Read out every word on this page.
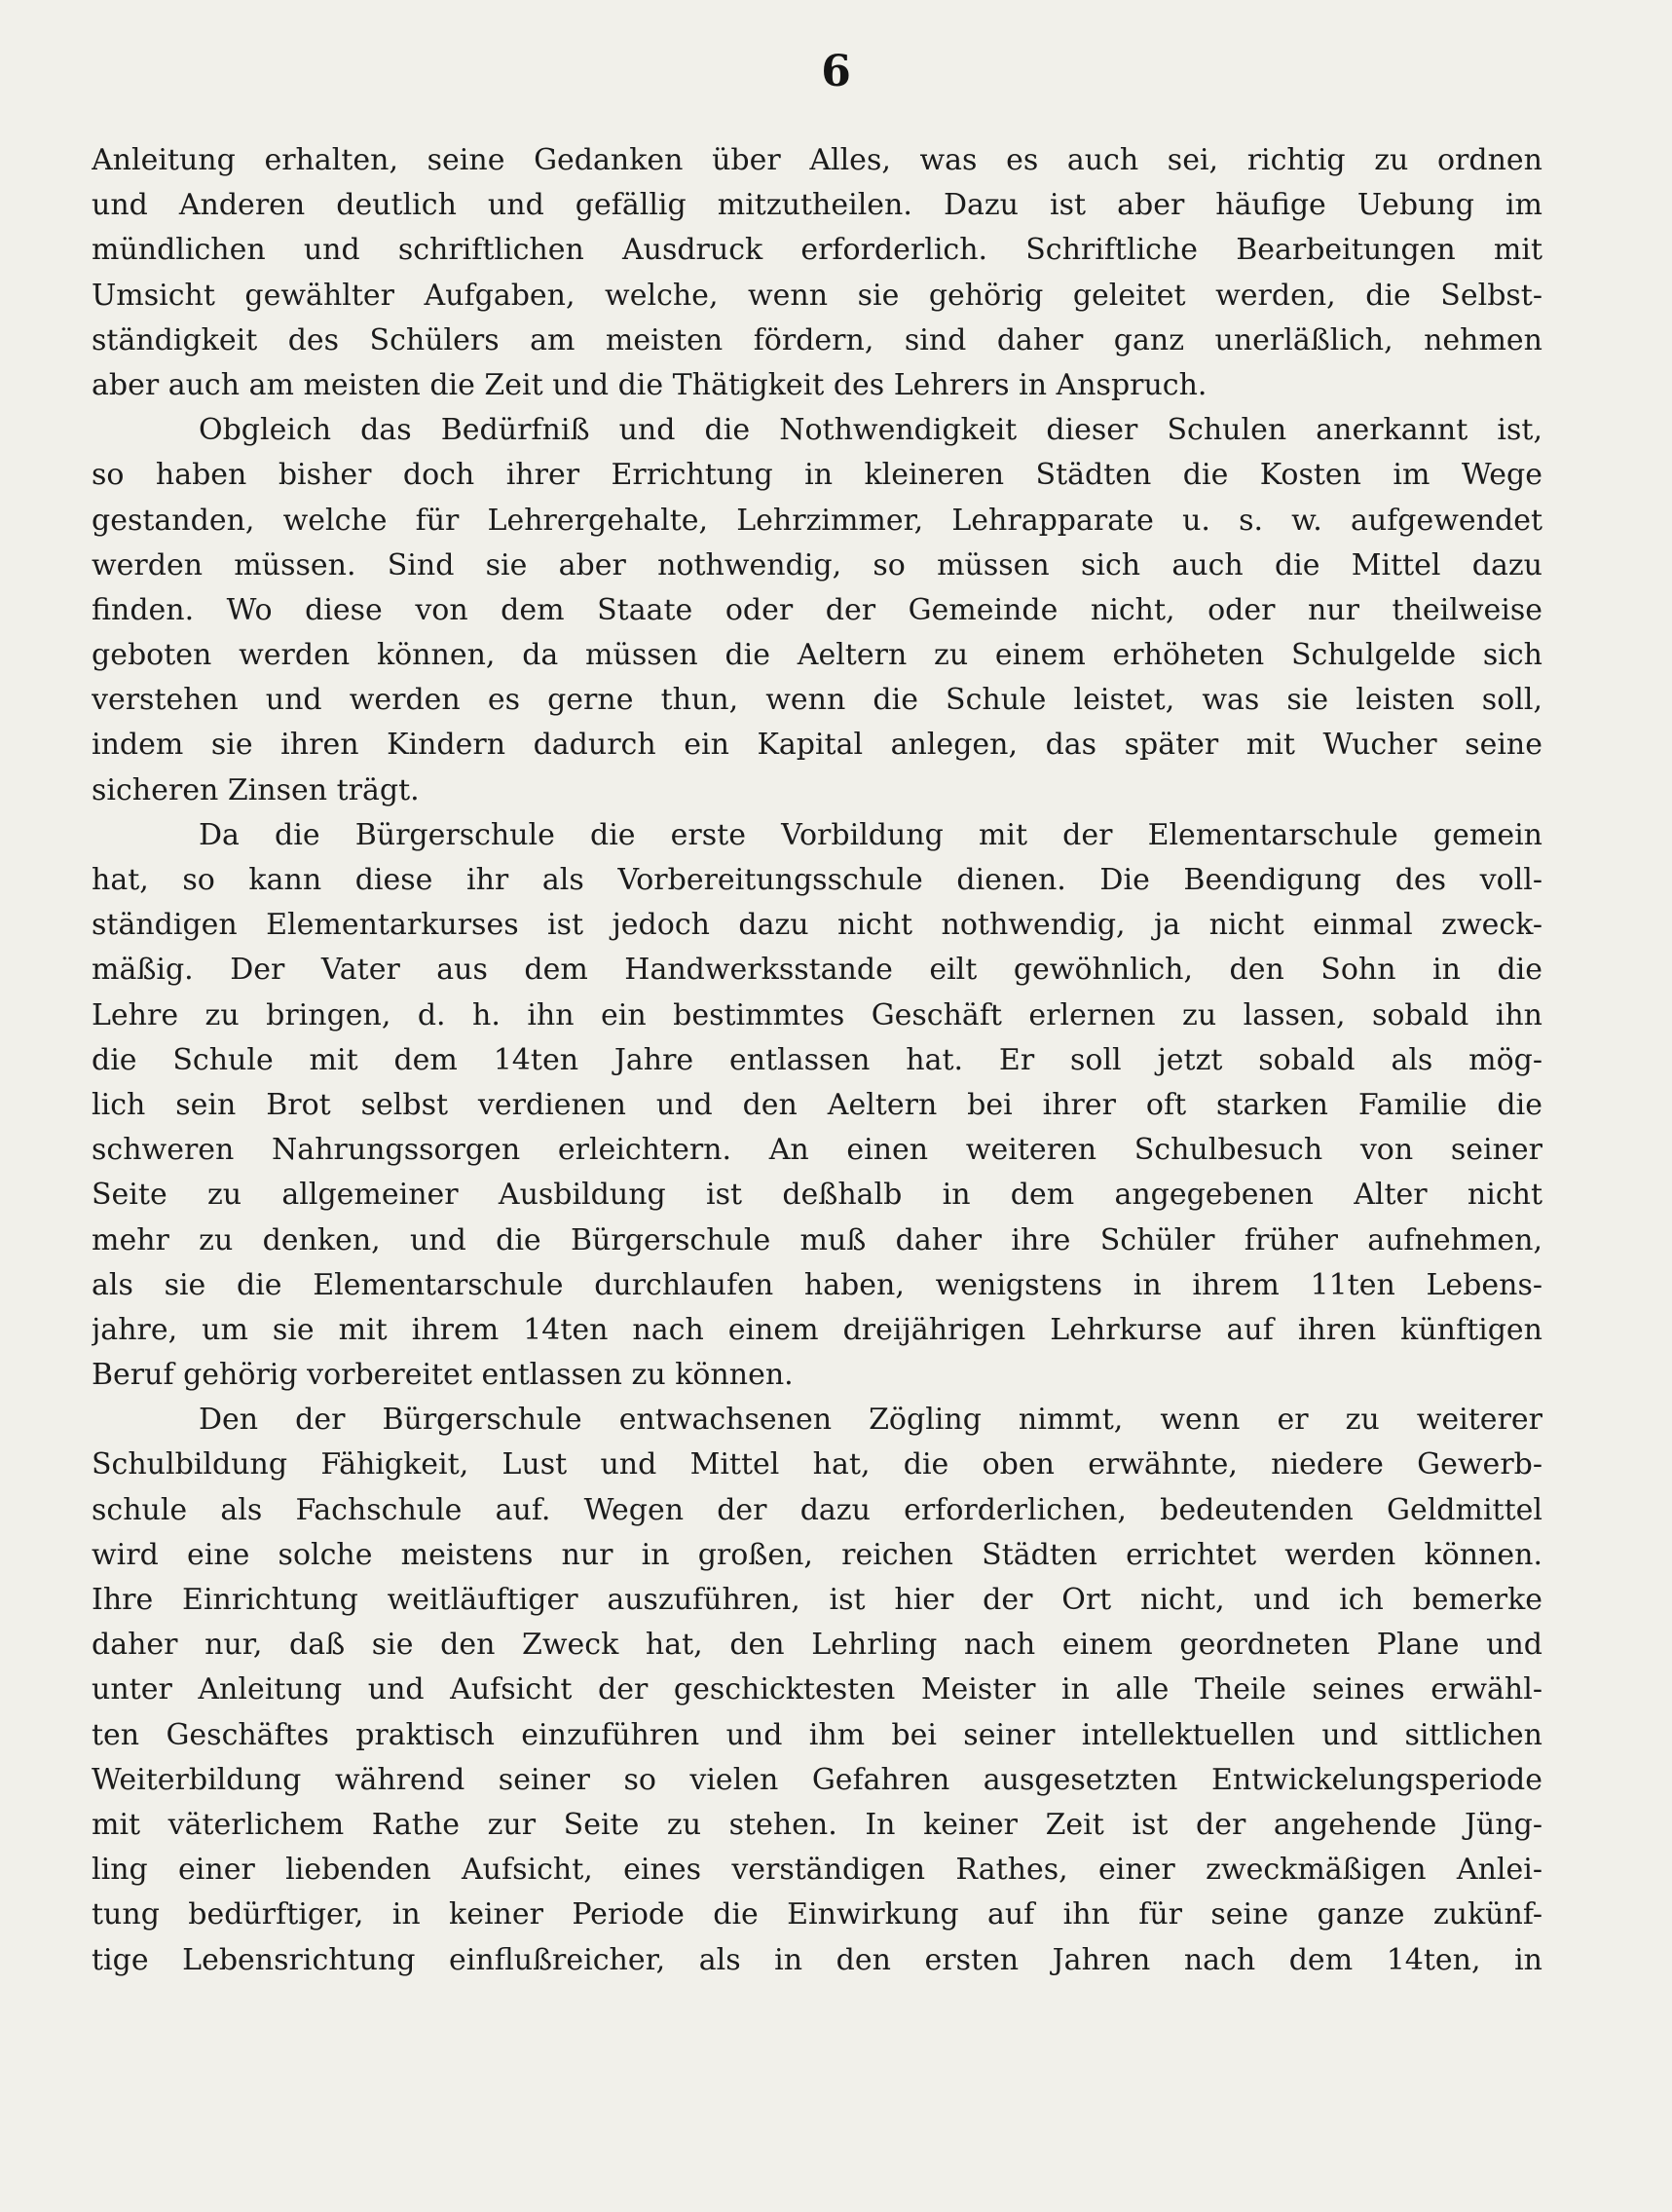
6
Anleitung erhalten, seine Gedanken über Alles, was es auch sei, richtig zu ordnen
und Anderen deutlich und gefällig mitzutheilen. Dazu ist aber häufige Uebung im
mündlichen und schriftlichen Ausdruck erforderlich. Schriftliche Bearbeitungen mit
Umsicht gewählter Aufgaben, welche, wenn sie gehörig geleitet werden, die Selbst-
ständigkeit des Schülers am meisten fördern, sind daher ganz unerläßlich, nehmen
aber auch am meisten die Zeit und die Thätigkeit des Lehrers in Anspruch.
Obgleich das Bedürfniß und die Nothwendigkeit dieser Schulen anerkannt ist,
so haben bisher doch ihrer Errichtung in kleineren Städten die Kosten im Wege
gestanden, welche für Lehrergehalte, Lehrzimmer, Lehrapparate u. s. w. aufgewendet
werden müssen. Sind sie aber nothwendig, so müssen sich auch die Mittel dazu
finden. Wo diese von dem Staate oder der Gemeinde nicht, oder nur theilweise
geboten werden können, da müssen die Aeltern zu einem erhöheten Schulgelde sich
verstehen und werden es gerne thun, wenn die Schule leistet, was sie leisten soll,
indem sie ihren Kindern dadurch ein Kapital anlegen, das später mit Wucher seine
sicheren Zinsen trägt.
Da die Bürgerschule die erste Vorbildung mit der Elementarschule gemein
hat, so kann diese ihr als Vorbereitungsschule dienen. Die Beendigung des voll-
ständigen Elementarkurses ist jedoch dazu nicht nothwendig, ja nicht einmal zweck-
mäßig. Der Vater aus dem Handwerksstande eilt gewöhnlich, den Sohn in die
Lehre zu bringen, d. h. ihn ein bestimmtes Geschäft erlernen zu lassen, sobald ihn
die Schule mit dem 14ten Jahre entlassen hat. Er soll jetzt sobald als mög-
lich sein Brot selbst verdienen und den Aeltern bei ihrer oft starken Familie die
schweren Nahrungssorgen erleichtern. An einen weiteren Schulbesuch von seiner
Seite zu allgemeiner Ausbildung ist deßhalb in dem angegebenen Alter nicht
mehr zu denken, und die Bürgerschule muß daher ihre Schüler früher aufnehmen,
als sie die Elementarschule durchlaufen haben, wenigstens in ihrem 11ten Lebens-
jahre, um sie mit ihrem 14ten nach einem dreijährigen Lehrkurse auf ihren künftigen
Beruf gehörig vorbereitet entlassen zu können.
Den der Bürgerschule entwachsenen Zögling nimmt, wenn er zu weiterer
Schulbildung Fähigkeit, Lust und Mittel hat, die oben erwähnte, niedere Gewerb-
schule als Fachschule auf. Wegen der dazu erforderlichen, bedeutenden Geldmittel
wird eine solche meistens nur in großen, reichen Städten errichtet werden können.
Ihre Einrichtung weitläuftiger auszuführen, ist hier der Ort nicht, und ich bemerke
daher nur, daß sie den Zweck hat, den Lehrling nach einem geordneten Plane und
unter Anleitung und Aufsicht der geschicktesten Meister in alle Theile seines erwähl-
ten Geschäftes praktisch einzuführen und ihm bei seiner intellektuellen und sittlichen
Weiterbildung während seiner so vielen Gefahren ausgesetzten Entwickelungsperiode
mit väterlichem Rathe zur Seite zu stehen. In keiner Zeit ist der angehende Jüng-
ling einer liebenden Aufsicht, eines verständigen Rathes, einer zweckmäßigen Anlei-
tung bedürftiger, in keiner Periode die Einwirkung auf ihn für seine ganze zukünf-
tige Lebensrichtung einflußreicher, als in den ersten Jahren nach dem 14ten, in
